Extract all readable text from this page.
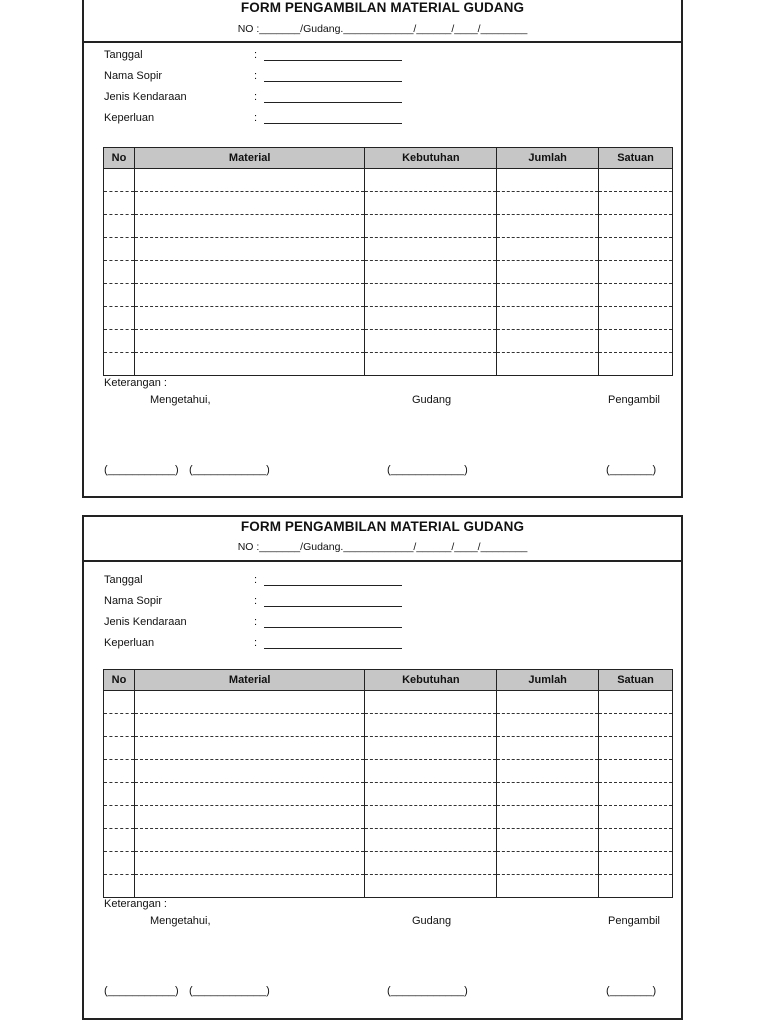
FORM PENGAMBILAN MATERIAL GUDANG
NO :_______/Gudang.____________/______/____/________
Tanggal	:
Nama Sopir	:
Jenis Kendaraan	:
Keperluan	:
No	Material	Kebutuhan	Jumlah	Satuan

Keterangan :
Mengetahui,	Gudang	Pengambil
(___________) (____________)	(____________)	(_______)
FORM PENGAMBILAN MATERIAL GUDANG
NO :_______/Gudang.____________/______/____/________
Tanggal	:
Nama Sopir	:
Jenis Kendaraan	:
Keperluan	:
No	Material	Kebutuhan	Jumlah	Satuan

Keterangan :
Mengetahui,	Gudang	Pengambil
(___________) (____________)	(____________)	(_______)
